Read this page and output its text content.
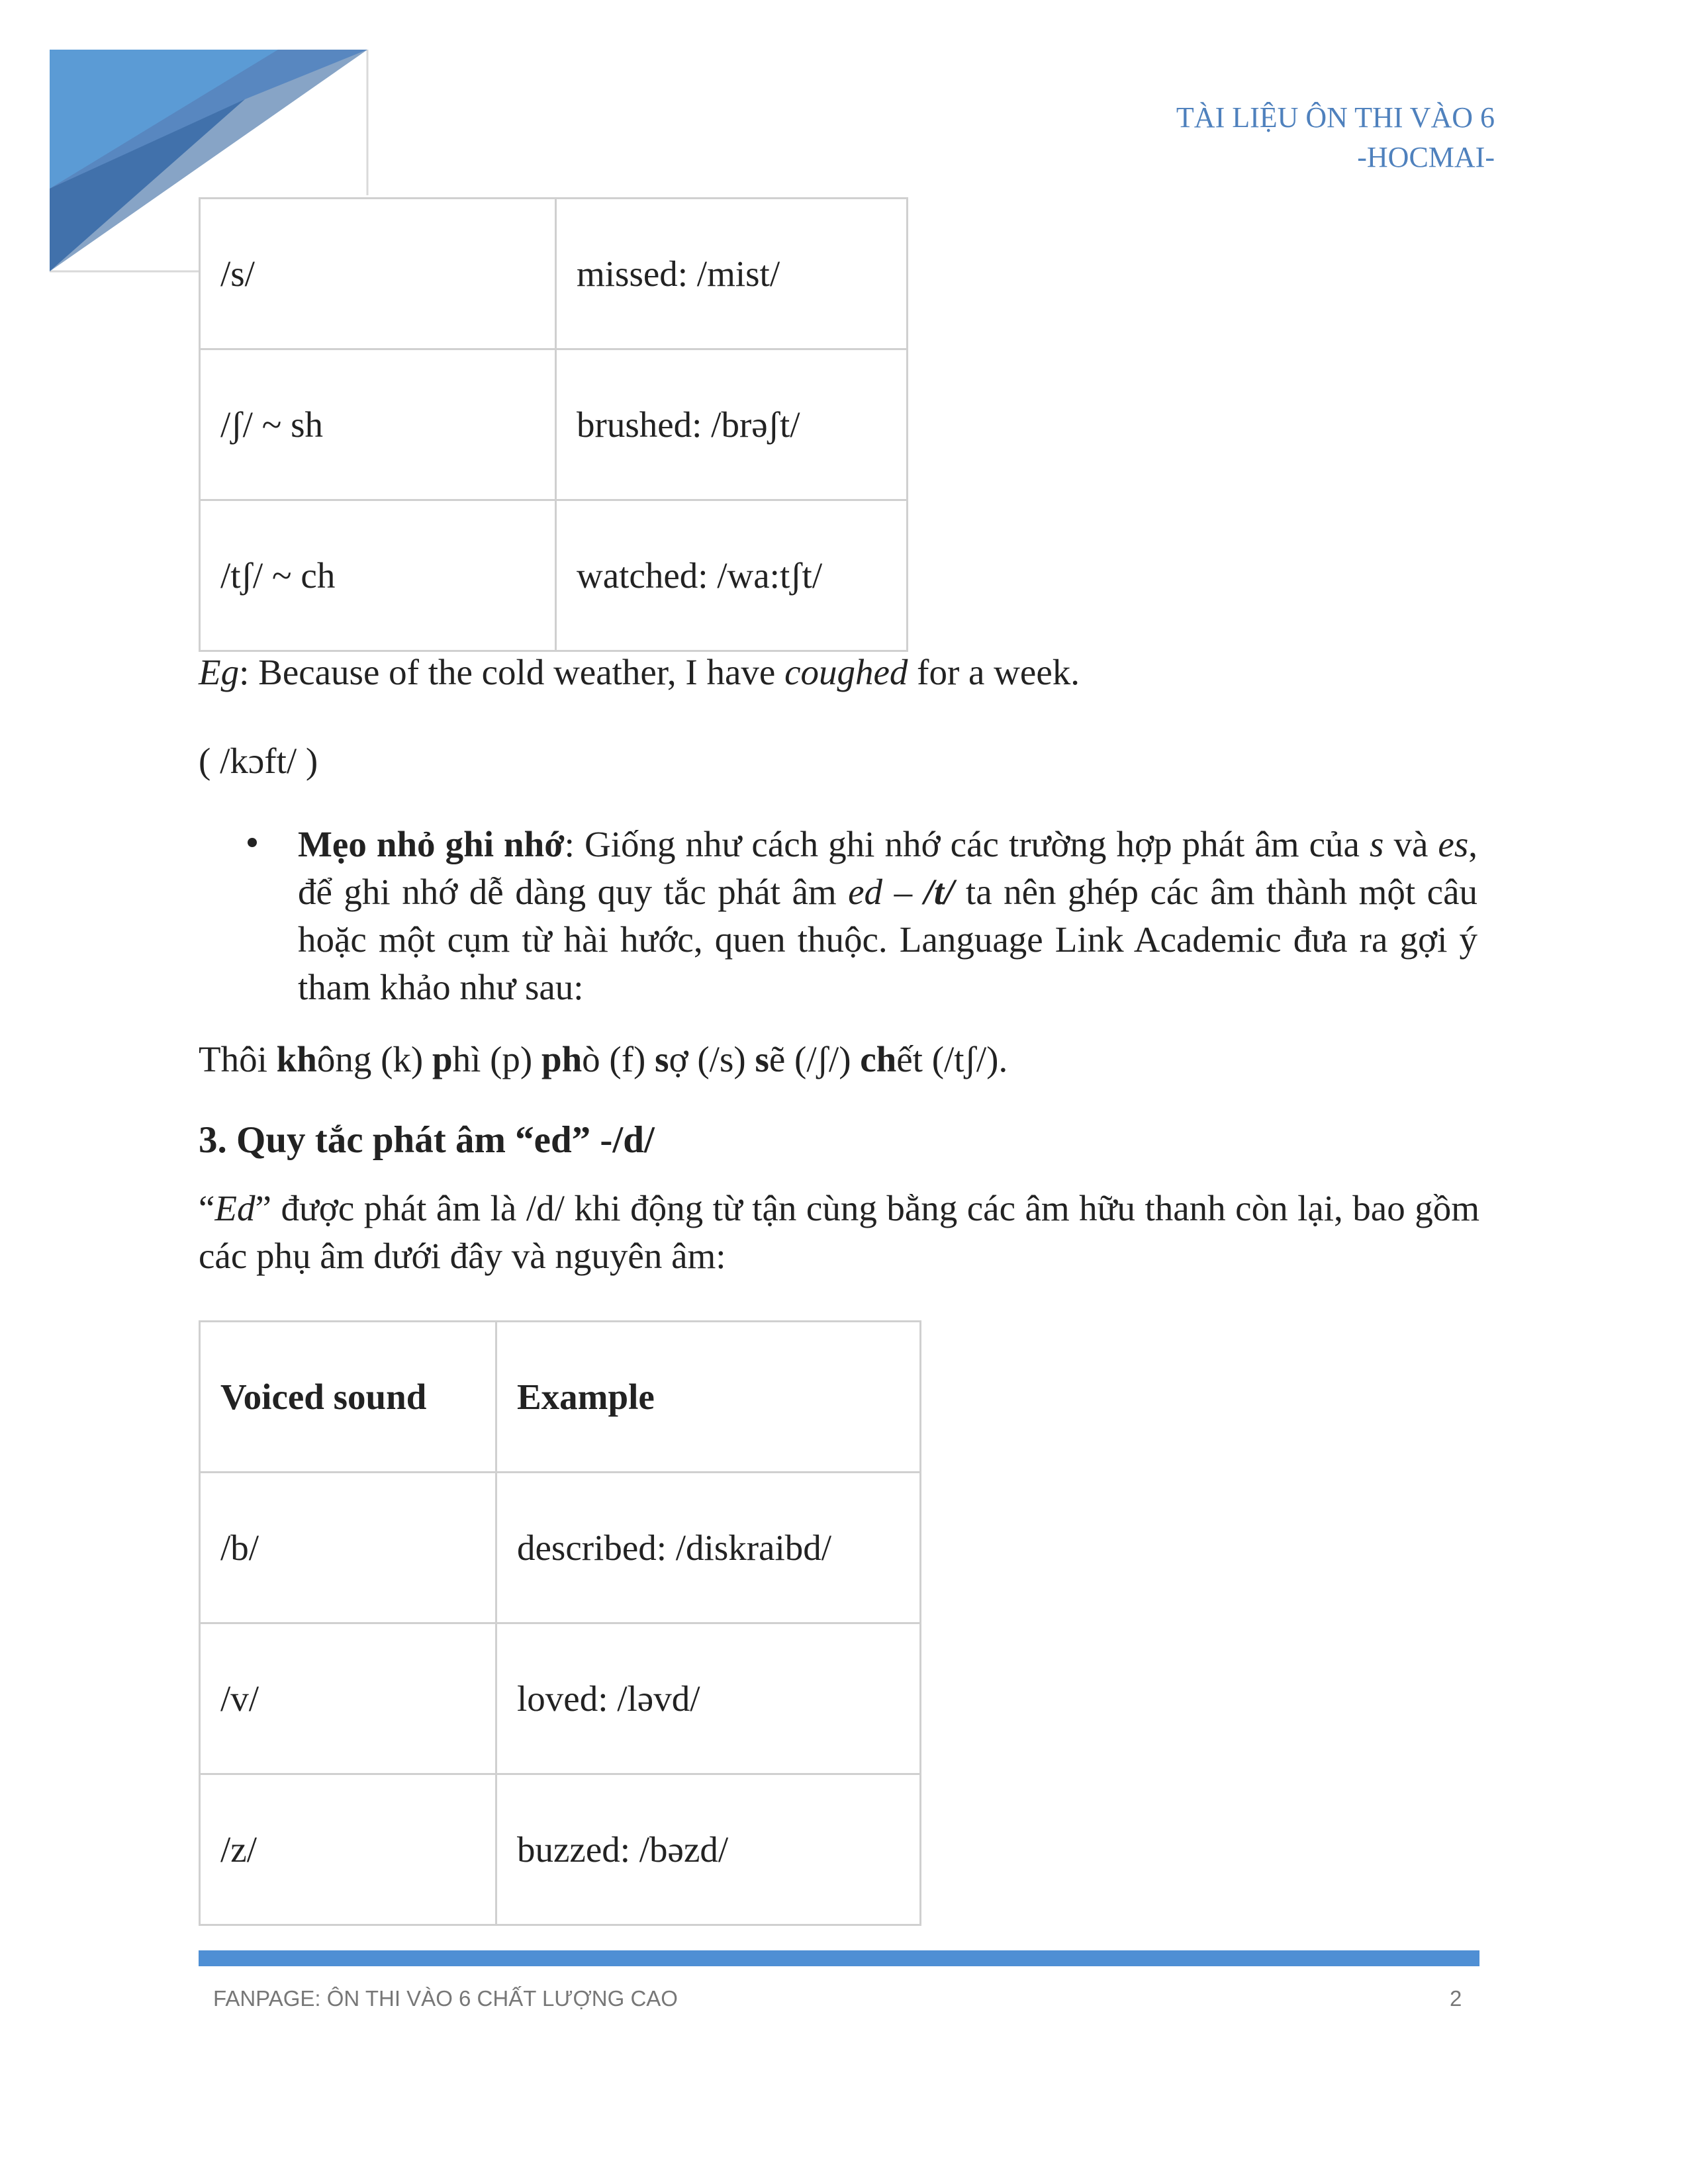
TÀI LIỆU ÔN THI VÀO 6
-HOCMAI-
/s/	missed: /mist/
/ʃ/ ~ sh	brushed: /brəʃt/
/tʃ/ ~ ch	watched: /wa:tʃt/
Eg: Because of the cold weather, I have coughed for a week.
( /kɔft/ )
Mẹo nhỏ ghi nhớ: Giống như cách ghi nhớ các trường hợp phát âm của s và es, để ghi nhớ dễ dàng quy tắc phát âm ed – /t/ ta nên ghép các âm thành một câu hoặc một cụm từ hài hước, quen thuộc. Language Link Academic đưa ra gợi ý tham khảo như sau:
Thôi không (k) phì (p) phò (f) sợ (/s) sẽ (/ʃ/) chết (/tʃ/).
3. Quy tắc phát âm “ed” -/d/
“Ed” được phát âm là /d/ khi động từ tận cùng bằng các âm hữu thanh còn lại, bao gồm các phụ âm dưới đây và nguyên âm:
Voiced sound	Example
/b/	described: /diskraibd/
/v/	loved: /ləvd/
/z/	buzzed: /bəzd/
FANPAGE: ÔN THI VÀO 6 CHẤT LƯỢNG CAO	2
